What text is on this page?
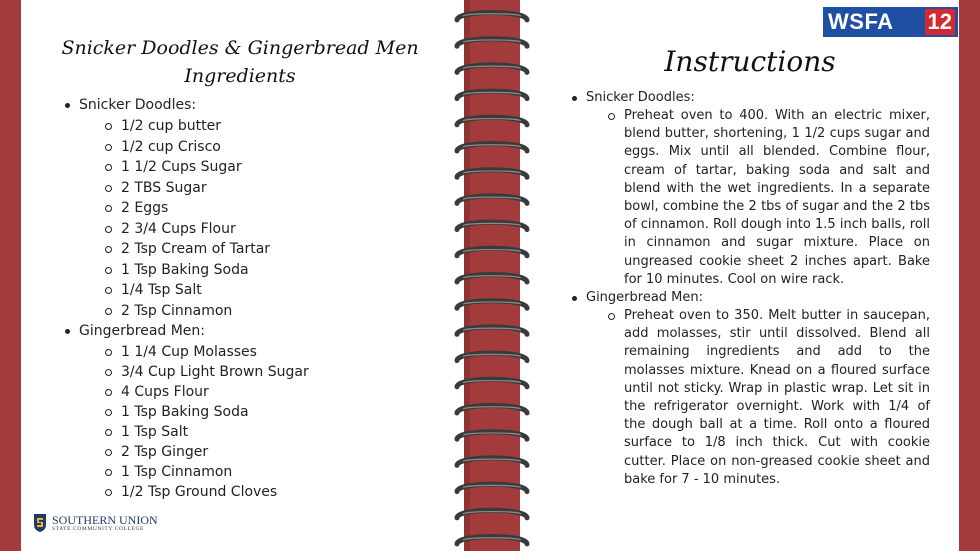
WSFA 12
Snicker Doodles & Gingerbread Men
Ingredients
Snicker Doodles:
1/2 cup butter
1/2 cup Crisco
1 1/2 Cups Sugar
2 TBS Sugar
2 Eggs
2 3/4 Cups Flour
2 Tsp Cream of Tartar
1 Tsp Baking Soda
1/4 Tsp Salt
2 Tsp Cinnamon
Gingerbread Men:
1 1/4 Cup Molasses
3/4 Cup Light Brown Sugar
4 Cups Flour
1 Tsp Baking Soda
1 Tsp Salt
2 Tsp Ginger
1 Tsp Cinnamon
1/2 Tsp Ground Cloves
Instructions
Snicker Doodles:
Preheat oven to 400. With an electric mixer, blend butter, shortening, 1 1/2 cups sugar and eggs. Mix until all blended. Combine flour, cream of tartar, baking soda and salt and blend with the wet ingredients. In a separate bowl, combine the 2 tbs of sugar and the 2 tbs of cinnamon. Roll dough into 1.5 inch balls, roll in cinnamon and sugar mixture. Place on ungreased cookie sheet 2 inches apart. Bake for 10 minutes. Cool on wire rack.
Gingerbread Men:
Preheat oven to 350. Melt butter in saucepan, add molasses, stir until dissolved. Blend all remaining ingredients and add to the molasses mixture. Knead on a floured surface until not sticky. Wrap in plastic wrap. Let sit in the refrigerator overnight. Work with 1/4 of the dough ball at a time. Roll onto a floured surface to 1/8 inch thick. Cut with cookie cutter. Place on non-greased cookie sheet and bake for 7 - 10 minutes.
SOUTHERN UNION
STATE COMMUNITY COLLEGE
